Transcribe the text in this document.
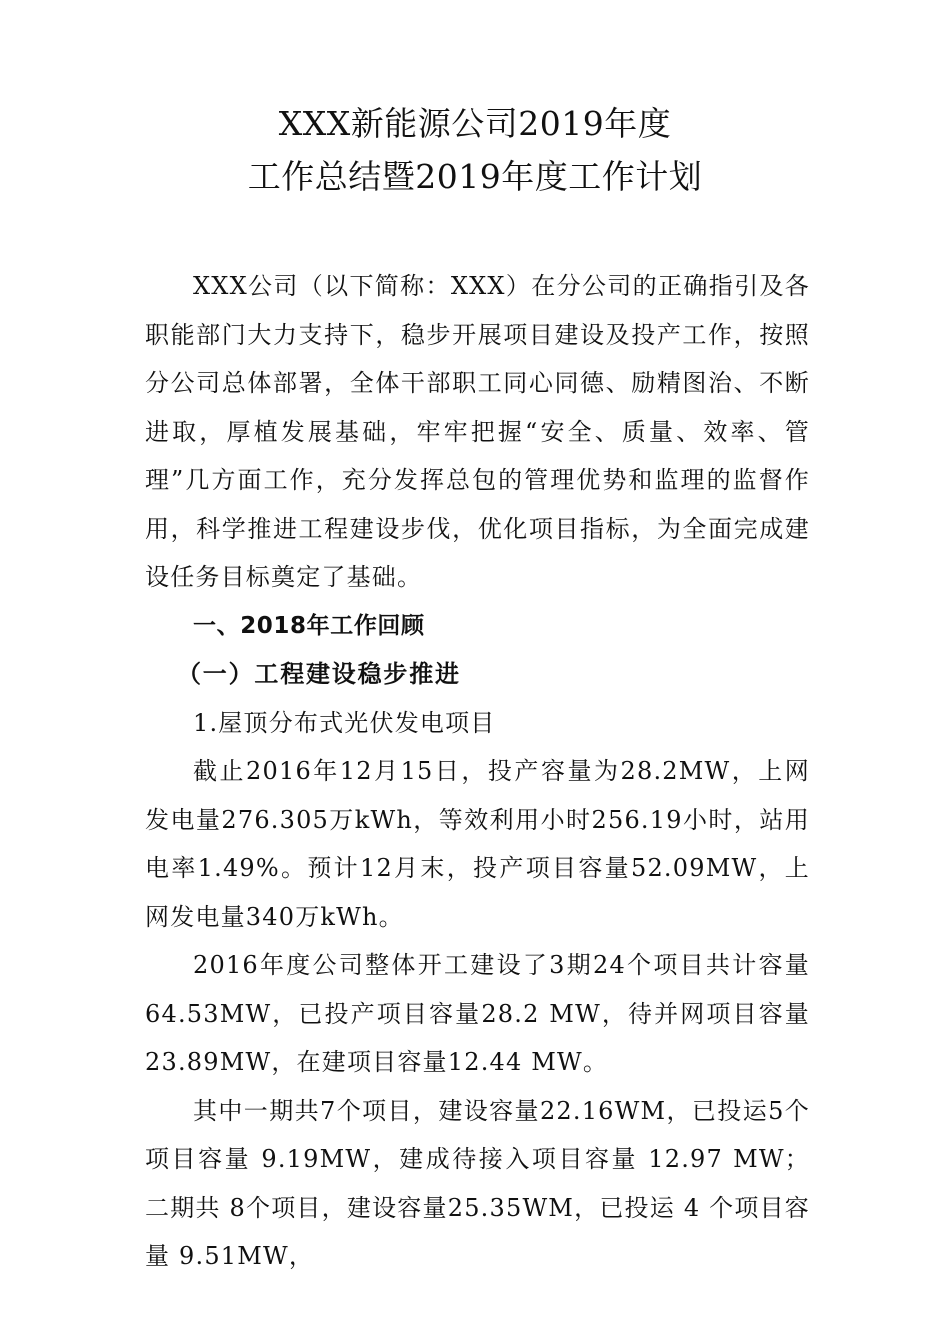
XXX新能源公司2019年度
工作总结暨2019年度工作计划

XXX公司（以下简称：XXX）在分公司的正确指引及各职能部门大力支持下，稳步开展项目建设及投产工作，按照分公司总体部署，全体干部职工同心同德、励精图治、不断进取，厚植发展基础，牢牢把握“安全、质量、效率、管理”几方面工作，充分发挥总包的管理优势和监理的监督作用，科学推进工程建设步伐，优化项目指标，为全面完成建设任务目标奠定了基础。

一、2018年工作回顾

（一）工程建设稳步推进

1.屋顶分布式光伏发电项目

截止2016年12月15日，投产容量为28.2MW，上网发电量276.305万kWh，等效利用小时256.19小时，站用电率1.49%。预计12月末，投产项目容量52.09MW，上网发电量340万kWh。

2016年度公司整体开工建设了3期24个项目共计容量64.53MW，已投产项目容量28.2 MW，待并网项目容量23.89MW，在建项目容量12.44 MW。

其中一期共7个项目，建设容量22.16WM，已投运5个项目容量 9.19MW，建成待接入项目容量 12.97 MW；二期共 8个项目，建设容量25.35WM，已投运 4 个项目容量 9.51MW，
